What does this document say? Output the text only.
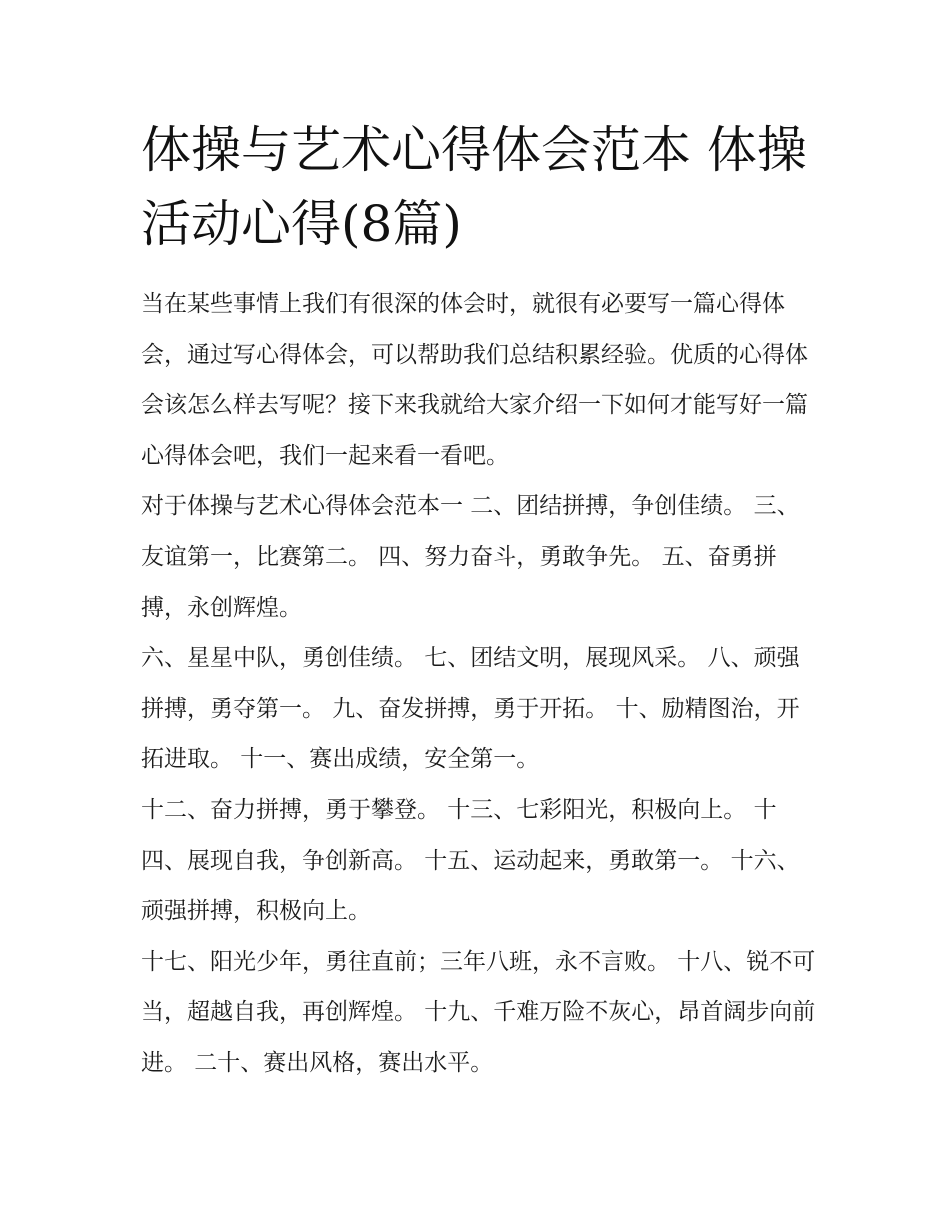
体操与艺术心得体会范本 体操活动心得(8篇)

当在某些事情上我们有很深的体会时，就很有必要写一篇心得体会，通过写心得体会，可以帮助我们总结积累经验。优质的心得体会该怎么样去写呢？接下来我就给大家介绍一下如何才能写好一篇心得体会吧，我们一起来看一看吧。

对于体操与艺术心得体会范本一 二、团结拼搏，争创佳绩。 三、友谊第一，比赛第二。 四、努力奋斗，勇敢争先。 五、奋勇拼搏，永创辉煌。

六、星星中队，勇创佳绩。 七、团结文明，展现风采。 八、顽强拼搏，勇夺第一。 九、奋发拼搏，勇于开拓。 十、励精图治，开拓进取。 十一、赛出成绩，安全第一。

十二、奋力拼搏，勇于攀登。 十三、七彩阳光，积极向上。 十四、展现自我，争创新高。 十五、运动起来，勇敢第一。 十六、顽强拼搏，积极向上。

十七、阳光少年，勇往直前；三年八班，永不言败。 十八、锐不可当，超越自我，再创辉煌。 十九、千难万险不灰心，昂首阔步向前进。 二十、赛出风格，赛出水平。
